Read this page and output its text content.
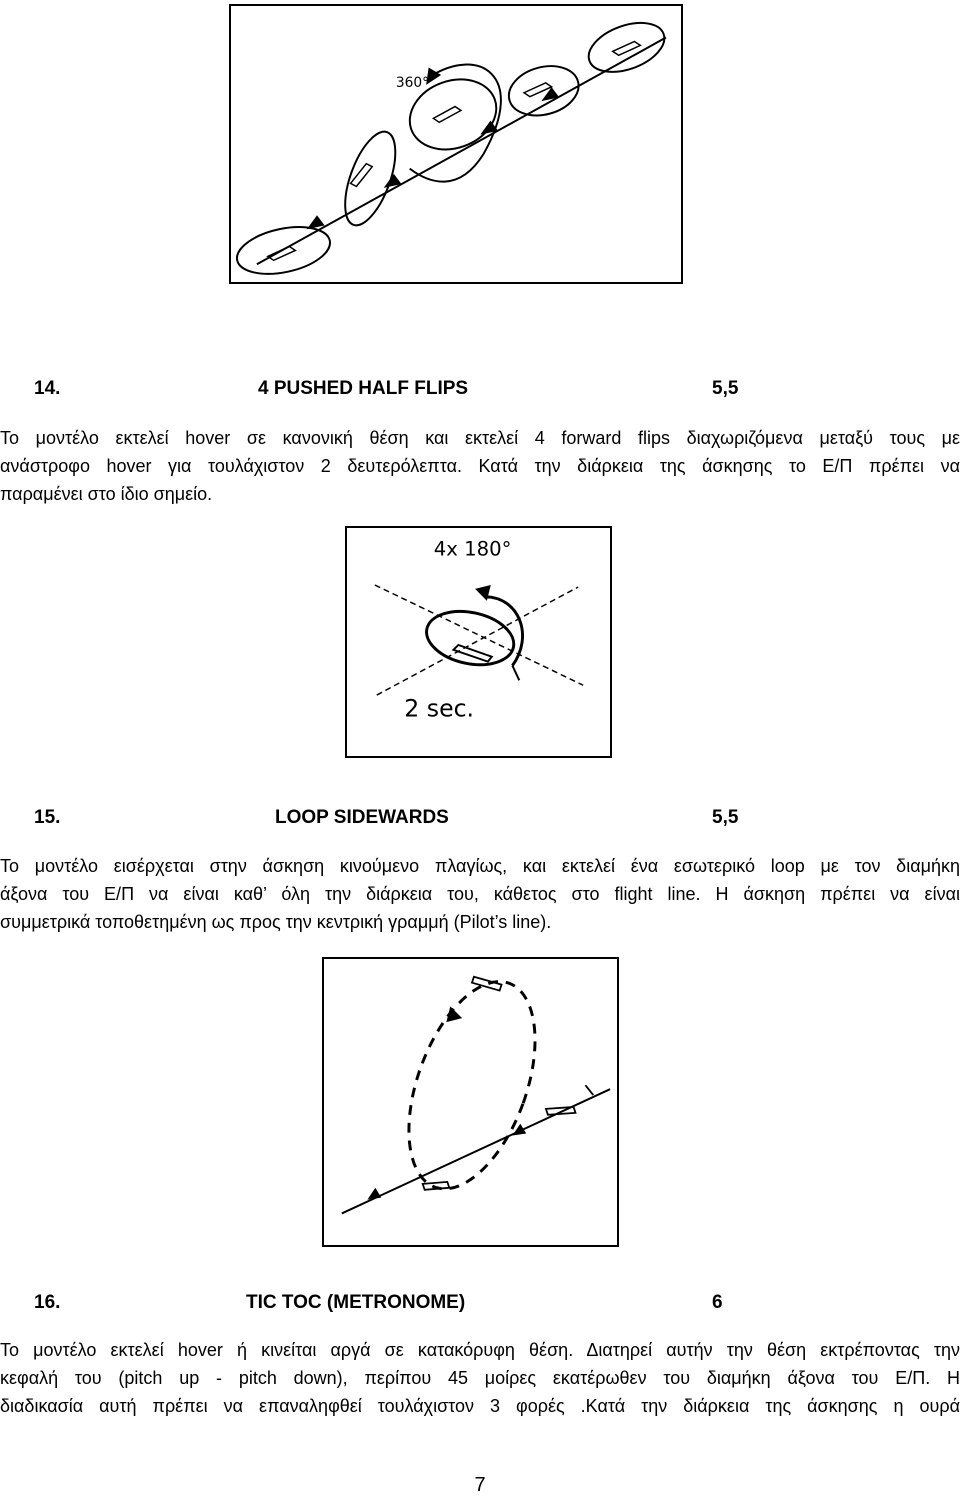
360°
14.	4 PUSHED HALF FLIPS	5,5
Το μοντέλο εκτελεί hover σε κανονική θέση και εκτελεί 4 forward flips διαχωριζόμενα μεταξύ τους με
ανάστροφο hover για τουλάχιστον 2 δευτερόλεπτα. Κατά την διάρκεια της άσκησης το Ε/Π πρέπει να
παραμένει στο ίδιο σημείο.
4x 180°
2 sec.
15.	LOOP SIDEWARDS	5,5
Το μοντέλο εισέρχεται στην άσκηση κινούμενο πλαγίως, και εκτελεί ένα εσωτερικό loop με τον διαμήκη
άξονα του Ε/Π να είναι καθ’ όλη την διάρκεια του, κάθετος στο flight line. Η άσκηση πρέπει να είναι
συμμετρικά τοποθετημένη ως προς την κεντρική γραμμή (Pilot’s line).
16.	TIC TOC (METRONOME)	6
Το μοντέλο εκτελεί hover ή κινείται αργά σε κατακόρυφη θέση. Διατηρεί αυτήν την θέση εκτρέποντας την
κεφαλή του (pitch up - pitch down), περίπου 45 μοίρες εκατέρωθεν του διαμήκη άξονα του Ε/Π. Η
διαδικασία αυτή πρέπει να επαναληφθεί τουλάχιστον 3 φορές .Κατά την διάρκεια της άσκησης η ουρά
7
